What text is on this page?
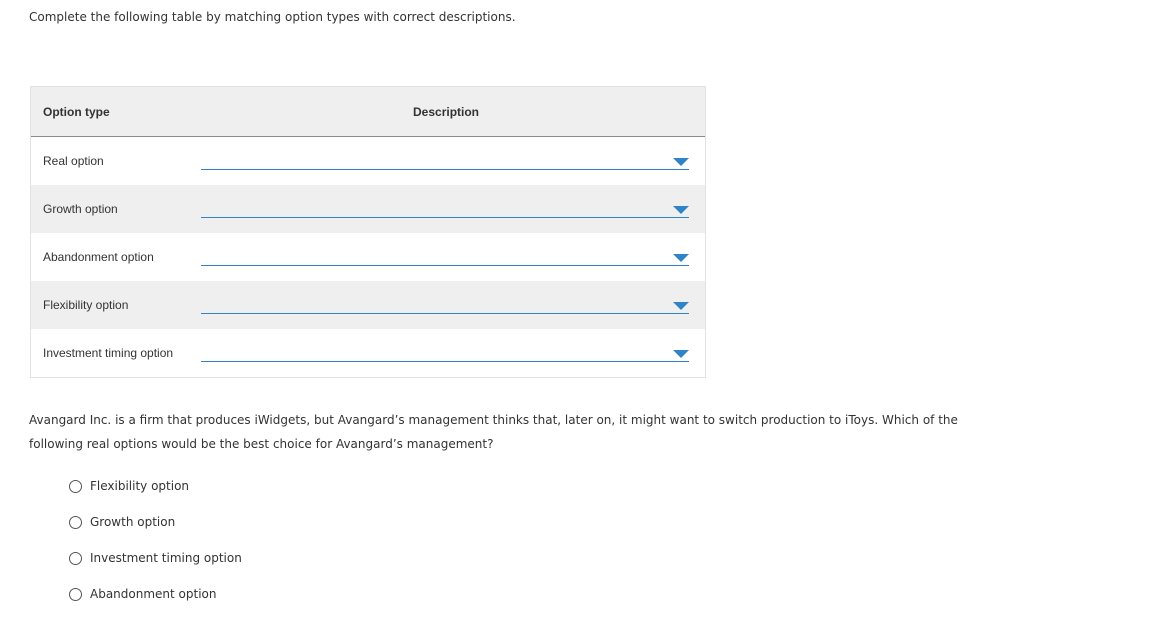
Complete the following table by matching option types with correct descriptions.
Option type	Description
Real option
Growth option
Abandonment option
Flexibility option
Investment timing option
Avangard Inc. is a firm that produces iWidgets, but Avangard’s management thinks that, later on, it might want to switch production to iToys. Which of the following real options would be the best choice for Avangard’s management?
Flexibility option
Growth option
Investment timing option
Abandonment option
